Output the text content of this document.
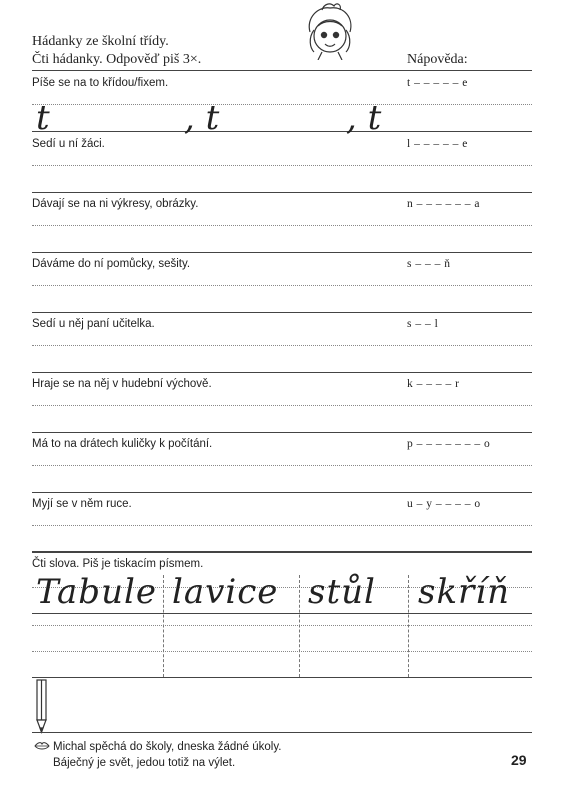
Hádanky ze školní třídy.
Čti hádanky. Odpověď piš 3×.	Nápověda:
Píše se na to křídou/fixem.	t – – – – – e
Sedí u ní žáci.	l – – – – – e
Dávají se na ni výkresy, obrázky.	n – – – – – – a
Dáváme do ní pomůcky, sešity.	s – – – ň
Sedí u něj paní učitelka.	s – – l
Hraje se na něj v hudební výchově.	k – – – – r
Má to na drátech kuličky k počítání.	p – – – – – – – o
Myjí se v něm ruce.	u – y – – – – o
t	, t	, t
Čti slova. Piš je tiskacím písmem.
Tabule lavice stůl skříň
Michal spěchá do školy, dneska žádné úkoly.
Báječný je svět, jedou totiž na výlet.	29
